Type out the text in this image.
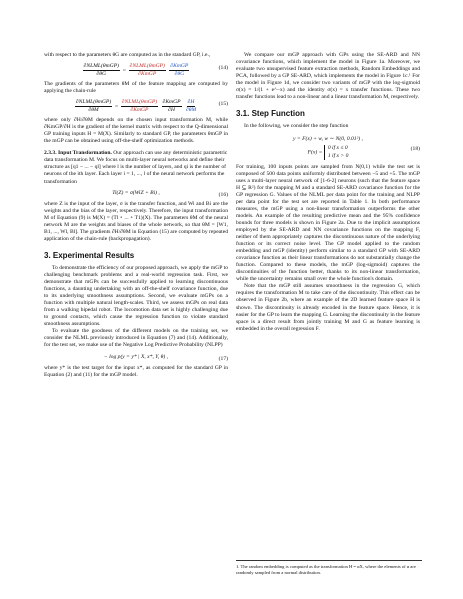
with respect to the parameters θG are computed as in the standard GP, i.e.,

$\frac{\text{∂NLML(θmGP)}}{\partial\theta G} = \frac{\text{∂NLML(θmGP)}}{\text{∂KmGP}}$
$\frac{\text{∂KmGP}}{\partial\theta G}$	(14)

The gradients of the parameters θM of the feature mapping are computed by applying the chain-rule

$\frac{\text{∂NLML(θmGP)}}{\partial\theta M} = \frac{\text{∂NLML(θmGP)}}{\text{∂KmGP}}$
$\frac{\text{∂KmGP}}{\partial H}$
$\frac{\partial H}{\partial\theta M}$	(15)

where only ∂H/∂θM depends on the chosen input transformation M, while ∂KmGP/∂H is the gradient of the kernel matrix with respect to the Q-dimensional GP training inputs H = M(X). Similarly to standard GP, the parameters θmGP in the mGP can be obtained using off-the-shelf optimization methods.

2.3.3. Input Transformation. Our approach can use any deterministic parametric data transformation M. We focus on multi-layer neural networks and define their structure as [q1 − ... − ql] where l is the number of layers, and qi is the number of neurons of the ith layer. Each layer i = 1, ..., l of the neural network performs the transformation

Ti(Z) = σ(WiZ + Bi) ,	(16)

where Z is the input of the layer, σ is the transfer function, and Wi and Bi are the weights and the bias of the layer, respectively. Therefore, the input transformation M of Equation (9) is M(X) = (Tl ∘ ... ∘ T1)(X). The parameters θM of the neural network M are the weights and biases of the whole network, so that θM = [W1, B1, ..., Wl, Bl]. The gradients ∂H/∂θM in Equation (15) are computed by repeated application of the chain-rule (backpropagation).

3. Experimental Results

To demonstrate the efficiency of our proposed approach, we apply the mGP to challenging benchmark problems and a real-world regression task. First, we demonstrate that mGPs can be successfully applied to learning discontinuous functions, a daunting undertaking with an off-the-shelf covariance function, due to its underlying smoothness assumptions. Second, we evaluate mGPs on a function with multiple natural length-scales. Third, we assess mGPs on real data from a walking bipedal robot. The locomotion data set is highly challenging due to ground contacts, which cause the regression function to violate standard smoothness assumptions.

To evaluate the goodness of the different models on the training set, we consider the NLML previously introduced in Equation (7) and (14). Additionally, for the test set, we make use of the Negative Log Predictive Probability (NLPP)

− log p(y = y* | X, x*, Y, θ) ,	(17)

where y* is the test target for the input x*, as computed for the standard GP in Equation (2) and (11) for the mGP model.

We compare our mGP approach with GPs using the SE-ARD and NN covariance functions, which implement the model in Figure 1a. Moreover, we evaluate two unsupervised feature extraction methods, Random Embeddings and PCA, followed by a GP SE-ARD, which implements the model in Figure 1c.¹ For the model in Figure 1d, we consider two variants of mGP with the log-sigmoid σ(x) = 1/(1 + e^−x) and the identity σ(x) = x transfer functions. These two transfer functions lead to a non-linear and a linear transformation M, respectively.

3.1. Step Function

In the following, we consider the step function

y = F(x) + w, w ∼ N(0, 0.01²) ,
F(x) =
0 if x ≤ 0
1 if x > 0
(18)

For training, 100 inputs points are sampled from N(0,1) while the test set is composed of 500 data points uniformly distributed between −5 and +5. The mGP uses a multi-layer neural network of [1-6-2] neurons (such that the feature space H ⊆ R²) for the mapping M and a standard SE-ARD covariance function for the GP regression G. Values of the NLML per data point for the training and NLPP per data point for the test set are reported in Table 1. In both performance measures, the mGP using a non-linear transformation outperforms the other models. An example of the resulting predictive mean and the 95% confidence bounds for three models is shown in Figure 2a. Due to the implicit assumptions employed by the SE-ARD and NN covariance functions on the mapping F, neither of them appropriately captures the discontinuous nature of the underlying function or its correct noise level. The GP model applied to the random embedding and mGP (identity) perform similar to a standard GP with SE-ARD covariance function as their linear transformations do not substantially change the function. Compared to these models, the mGP (log-sigmoid) captures the discontinuities of the function better, thanks to its non-linear transformation, while the uncertainty remains small over the whole function's domain.

Note that the mGP still assumes smoothness in the regression G, which requires the transformation M to take care of the discontinuity. This effect can be observed in Figure 2b, where an example of the 2D learned feature space H is shown. The discontinuity is already encoded in the feature space. Hence, it is easier for the GP to learn the mapping G. Learning the discontinuity in the feature space is a direct result from jointly training M and G as feature learning is embedded in the overall regression F.

1. The random embedding is computed as the transformation H = αX, where the elements of α are randomly sampled from a normal distribution.
